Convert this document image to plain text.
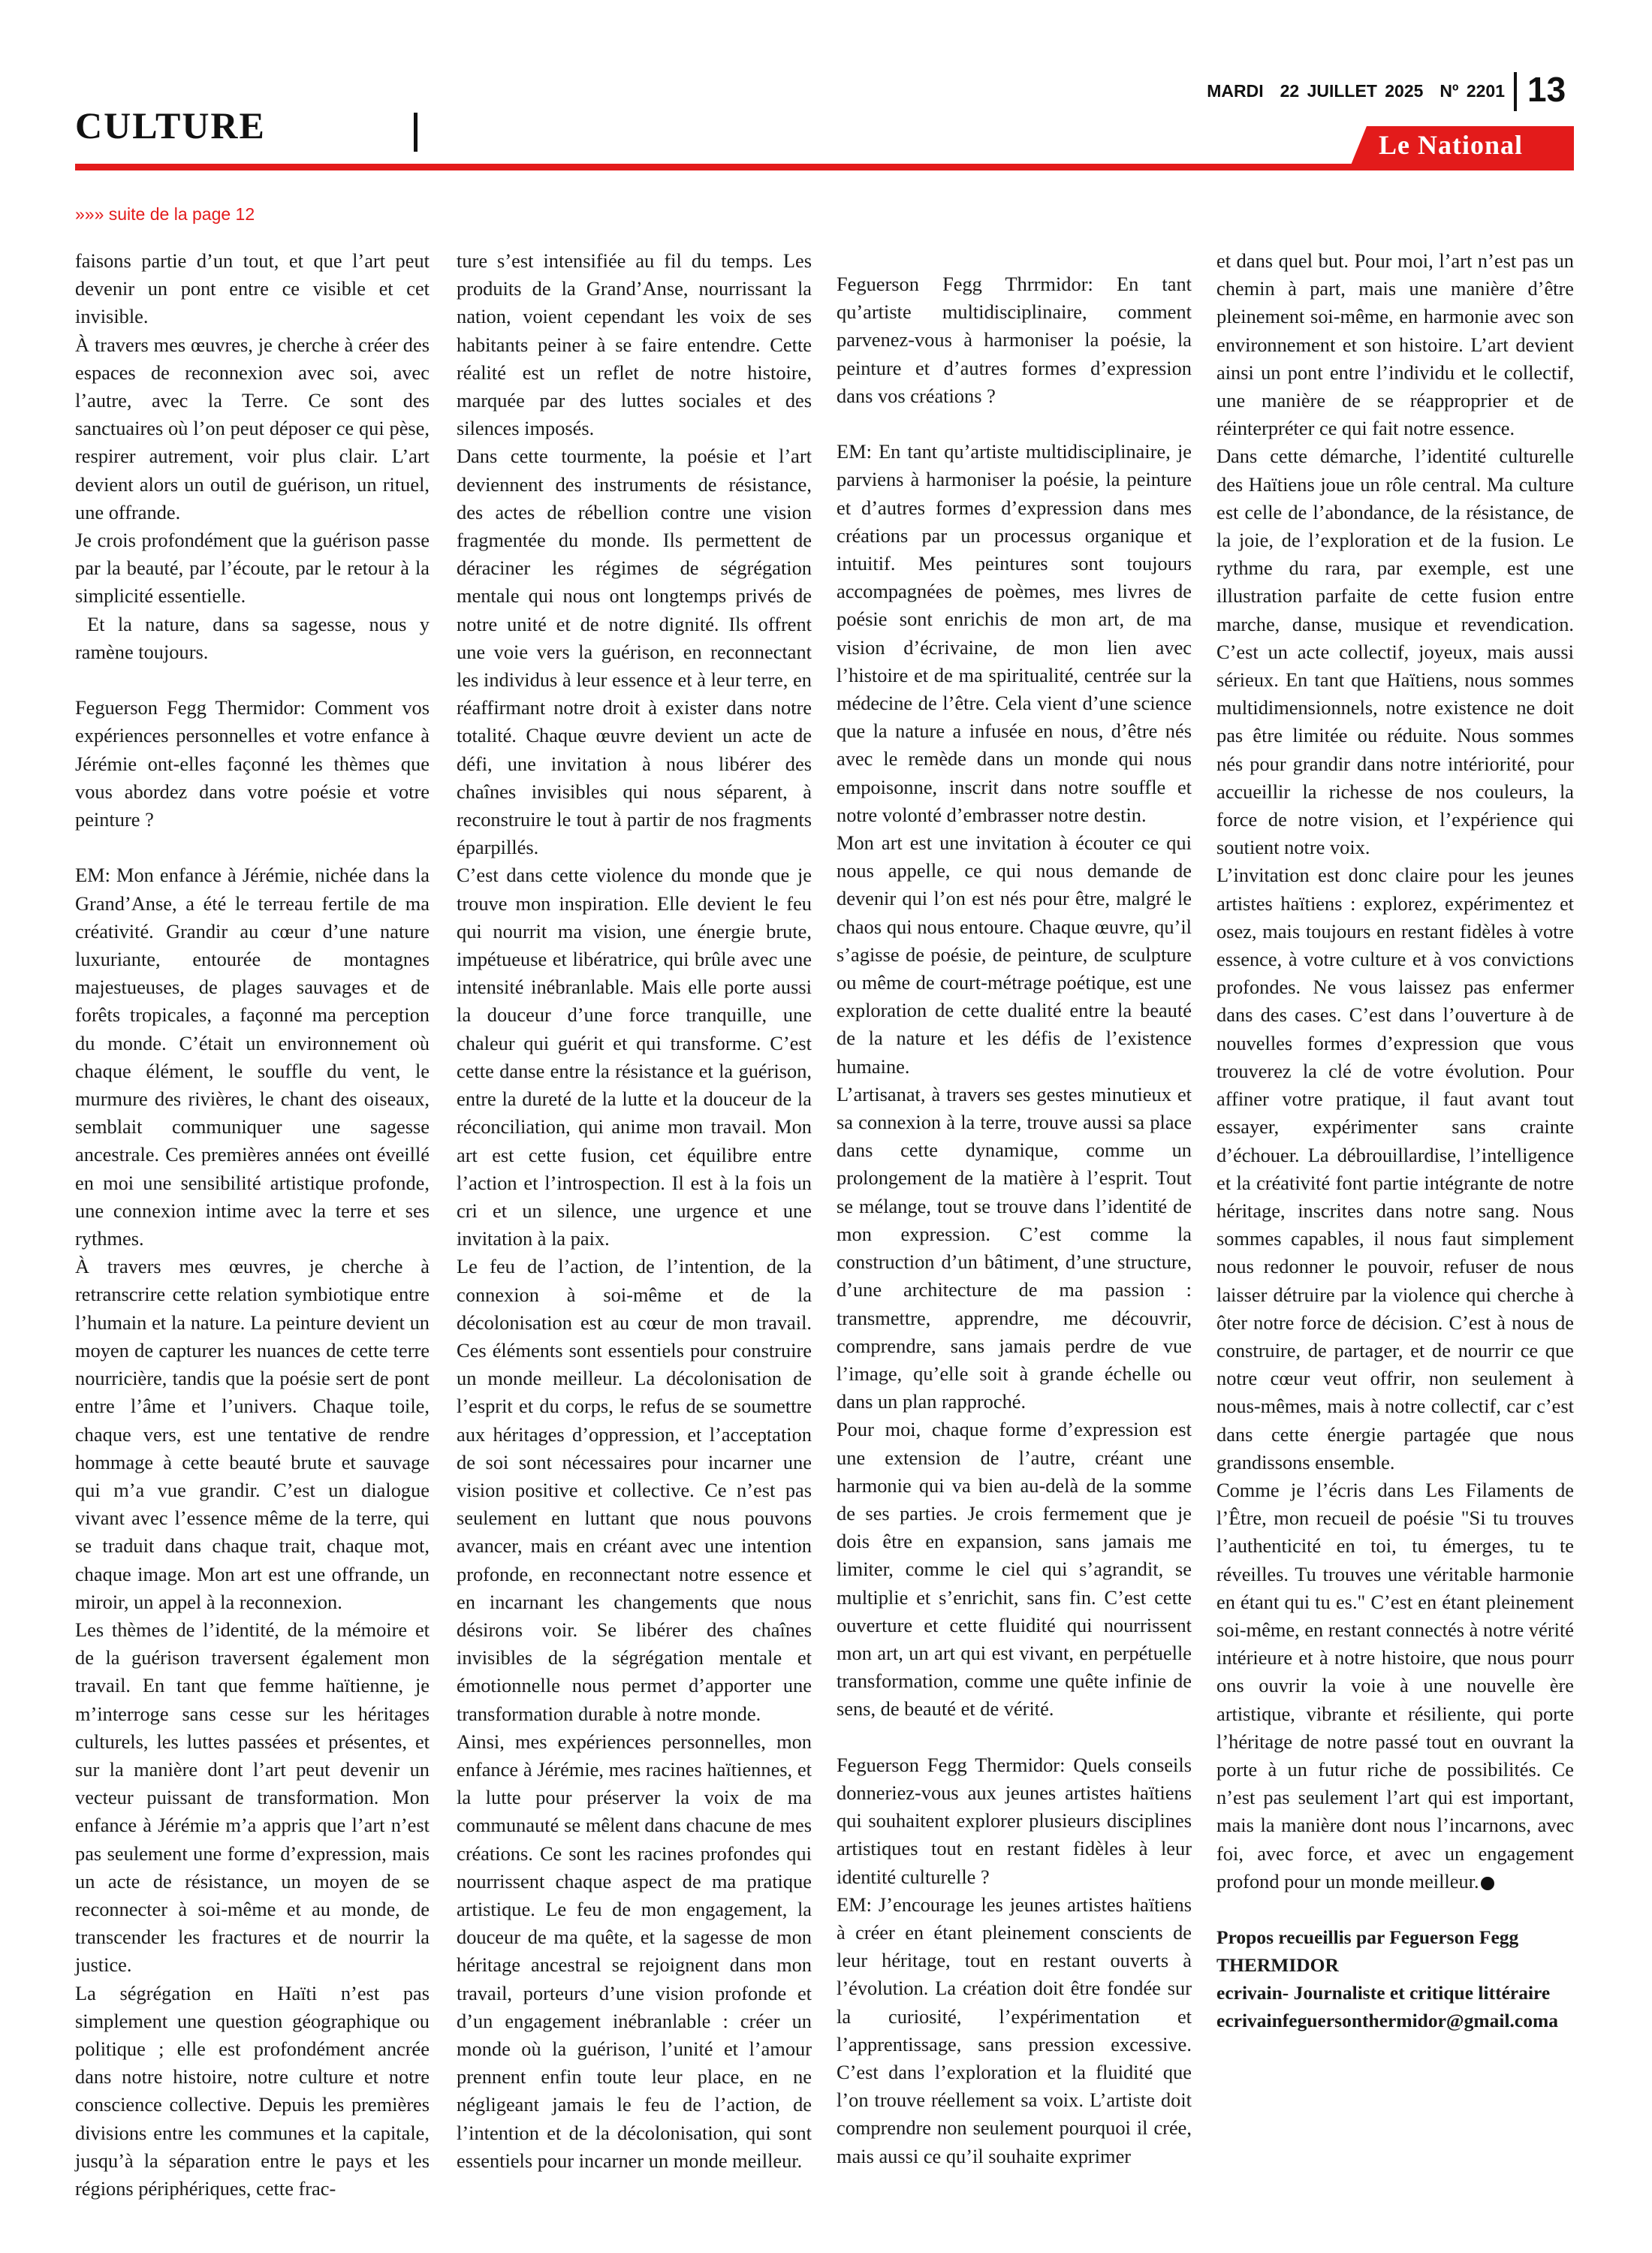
CULTURE
MARDI 22 JUILLET 2025 Nº 2201 13
Le National
»»» suite de la page 12

faisons partie d’un tout, et que l’art peut devenir un pont entre ce visible et cet invisible.

À travers mes œuvres, je cherche à créer des espaces de reconnexion avec soi, avec l’autre, avec la Terre. Ce sont des sanctuaires où l’on peut déposer ce qui pèse, respirer autrement, voir plus clair. L’art devient alors un outil de guérison, un rituel, une offrande.

Je crois profondément que la guérison passe par la beauté, par l’écoute, par le retour à la simplicité essentielle.

Et la nature, dans sa sagesse, nous y ramène toujours.

Feguerson Fegg Thermidor: Comment vos expériences personnelles et votre enfance à Jérémie ont-elles façonné les thèmes que vous abordez dans votre poésie et votre peinture ?

EM: Mon enfance à Jérémie, nichée dans la Grand’Anse, a été le terreau fertile de ma créativité. Grandir au cœur d’une nature luxuriante, entourée de montagnes majestueuses, de plages sauvages et de forêts tropicales, a façonné ma perception du monde. C’était un environnement où chaque élément, le souffle du vent, le murmure des rivières, le chant des oiseaux, semblait communiquer une sagesse ancestrale. Ces premières années ont éveillé en moi une sensibilité artistique profonde, une connexion intime avec la terre et ses rythmes.

À travers mes œuvres, je cherche à retranscrire cette relation symbiotique entre l’humain et la nature. La peinture devient un moyen de capturer les nuances de cette terre nourricière, tandis que la poésie sert de pont entre l’âme et l’univers. Chaque toile, chaque vers, est une tentative de rendre hommage à cette beauté brute et sauvage qui m’a vue grandir. C’est un dialogue vivant avec l’essence même de la terre, qui se traduit dans chaque trait, chaque mot, chaque image. Mon art est une offrande, un miroir, un appel à la reconnexion.

Les thèmes de l’identité, de la mémoire et de la guérison traversent également mon travail. En tant que femme haïtienne, je m’interroge sans cesse sur les héritages culturels, les luttes passées et présentes, et sur la manière dont l’art peut devenir un vecteur puissant de transformation. Mon enfance à Jérémie m’a appris que l’art n’est pas seulement une forme d’expression, mais un acte de résistance, un moyen de se reconnecter à soi-même et au monde, de transcender les fractures et de nourrir la justice.

La ségrégation en Haïti n’est pas simplement une question géographique ou politique ; elle est profondément ancrée dans notre histoire, notre culture et notre conscience collective. Depuis les premières divisions entre les communes et la capitale, jusqu’à la séparation entre le pays et les régions périphériques, cette frac-

ture s’est intensifiée au fil du temps. Les produits de la Grand’Anse, nourrissant la nation, voient cependant les voix de ses habitants peiner à se faire entendre. Cette réalité est un reflet de notre histoire, marquée par des luttes sociales et des silences imposés.

Dans cette tourmente, la poésie et l’art deviennent des instruments de résistance, des actes de rébellion contre une vision fragmentée du monde. Ils permettent de déraciner les régimes de ségrégation mentale qui nous ont longtemps privés de notre unité et de notre dignité. Ils offrent une voie vers la guérison, en reconnectant les individus à leur essence et à leur terre, en réaffirmant notre droit à exister dans notre totalité. Chaque œuvre devient un acte de défi, une invitation à nous libérer des chaînes invisibles qui nous séparent, à reconstruire le tout à partir de nos fragments éparpillés.

C’est dans cette violence du monde que je trouve mon inspiration. Elle devient le feu qui nourrit ma vision, une énergie brute, impétueuse et libératrice, qui brûle avec une intensité inébranlable. Mais elle porte aussi la douceur d’une force tranquille, une chaleur qui guérit et qui transforme. C’est cette danse entre la résistance et la guérison, entre la dureté de la lutte et la douceur de la réconciliation, qui anime mon travail. Mon art est cette fusion, cet équilibre entre l’action et l’introspection. Il est à la fois un cri et un silence, une urgence et une invitation à la paix.

Le feu de l’action, de l’intention, de la connexion à soi-même et de la décolonisation est au cœur de mon travail. Ces éléments sont essentiels pour construire un monde meilleur. La décolonisation de l’esprit et du corps, le refus de se soumettre aux héritages d’oppression, et l’acceptation de soi sont nécessaires pour incarner une vision positive et collective. Ce n’est pas seulement en luttant que nous pouvons avancer, mais en créant avec une intention profonde, en reconnectant notre essence et en incarnant les changements que nous désirons voir. Se libérer des chaînes invisibles de la ségrégation mentale et émotionnelle nous permet d’apporter une transformation durable à notre monde.

Ainsi, mes expériences personnelles, mon enfance à Jérémie, mes racines haïtiennes, et la lutte pour préserver la voix de ma communauté se mêlent dans chacune de mes créations. Ce sont les racines profondes qui nourrissent chaque aspect de ma pratique artistique. Le feu de mon engagement, la douceur de ma quête, et la sagesse de mon héritage ancestral se rejoignent dans mon travail, porteurs d’une vision profonde et d’un engagement inébranlable : créer un monde où la guérison, l’unité et l’amour prennent enfin toute leur place, en ne négligeant jamais le feu de l’action, de l’intention et de la décolonisation, qui sont essentiels pour incarner un monde meilleur.

Feguerson Fegg Thrrmidor: En tant qu’artiste multidisciplinaire, comment parvenez-vous à harmoniser la poésie, la peinture et d’autres formes d’expression dans vos créations ?

EM: En tant qu’artiste multidisciplinaire, je parviens à harmoniser la poésie, la peinture et d’autres formes d’expression dans mes créations par un processus organique et intuitif. Mes peintures sont toujours accompagnées de poèmes, mes livres de poésie sont enrichis de mon art, de ma vision d’écrivaine, de mon lien avec l’histoire et de ma spiritualité, centrée sur la médecine de l’être. Cela vient d’une science que la nature a infusée en nous, d’être nés avec le remède dans un monde qui nous empoisonne, inscrit dans notre souffle et notre volonté d’embrasser notre destin.

Mon art est une invitation à écouter ce qui nous appelle, ce qui nous demande de devenir qui l’on est nés pour être, malgré le chaos qui nous entoure. Chaque œuvre, qu’il s’agisse de poésie, de peinture, de sculpture ou même de court-métrage poétique, est une exploration de cette dualité entre la beauté de la nature et les défis de l’existence humaine.

L’artisanat, à travers ses gestes minutieux et sa connexion à la terre, trouve aussi sa place dans cette dynamique, comme un prolongement de la matière à l’esprit. Tout se mélange, tout se trouve dans l’identité de mon expression. C’est comme la construction d’un bâtiment, d’une structure, d’une architecture de ma passion : transmettre, apprendre, me découvrir, comprendre, sans jamais perdre de vue l’image, qu’elle soit à grande échelle ou dans un plan rapproché.

Pour moi, chaque forme d’expression est une extension de l’autre, créant une harmonie qui va bien au-delà de la somme de ses parties. Je crois fermement que je dois être en expansion, sans jamais me limiter, comme le ciel qui s’agrandit, se multiplie et s’enrichit, sans fin. C’est cette ouverture et cette fluidité qui nourrissent mon art, un art qui est vivant, en perpétuelle transformation, comme une quête infinie de sens, de beauté et de vérité.

Feguerson Fegg Thermidor: Quels conseils donneriez-vous aux jeunes artistes haïtiens qui souhaitent explorer plusieurs disciplines artistiques tout en restant fidèles à leur identité culturelle ?

EM: J’encourage les jeunes artistes haïtiens à créer en étant pleinement conscients de leur héritage, tout en restant ouverts à l’évolution. La création doit être fondée sur la curiosité, l’expérimentation et l’apprentissage, sans pression excessive. C’est dans l’exploration et la fluidité que l’on trouve réellement sa voix. L’artiste doit comprendre non seulement pourquoi il crée, mais aussi ce qu’il souhaite exprimer

et dans quel but. Pour moi, l’art n’est pas un chemin à part, mais une manière d’être pleinement soi-même, en harmonie avec son environnement et son histoire. L’art devient ainsi un pont entre l’individu et le collectif, une manière de se réapproprier et de réinterpréter ce qui fait notre essence.

Dans cette démarche, l’identité culturelle des Haïtiens joue un rôle central. Ma culture est celle de l’abondance, de la résistance, de la joie, de l’exploration et de la fusion. Le rythme du rara, par exemple, est une illustration parfaite de cette fusion entre marche, danse, musique et revendication. C’est un acte collectif, joyeux, mais aussi sérieux. En tant que Haïtiens, nous sommes multidimensionnels, notre existence ne doit pas être limitée ou réduite. Nous sommes nés pour grandir dans notre intériorité, pour accueillir la richesse de nos couleurs, la force de notre vision, et l’expérience qui soutient notre voix.

L’invitation est donc claire pour les jeunes artistes haïtiens : explorez, expérimentez et osez, mais toujours en restant fidèles à votre essence, à votre culture et à vos convictions profondes. Ne vous laissez pas enfermer dans des cases. C’est dans l’ouverture à de nouvelles formes d’expression que vous trouverez la clé de votre évolution. Pour affiner votre pratique, il faut avant tout essayer, expérimenter sans crainte d’échouer. La débrouillardise, l’intelligence et la créativité font partie intégrante de notre héritage, inscrites dans notre sang. Nous sommes capables, il nous faut simplement nous redonner le pouvoir, refuser de nous laisser détruire par la violence qui cherche à ôter notre force de décision. C’est à nous de construire, de partager, et de nourrir ce que notre cœur veut offrir, non seulement à nous-mêmes, mais à notre collectif, car c’est dans cette énergie partagée que nous grandissons ensemble.

Comme je l’écris dans Les Filaments de l’Être, mon recueil de poésie "Si tu trouves l’authenticité en toi, tu émerges, tu te réveilles. Tu trouves une véritable harmonie en étant qui tu es." C’est en étant pleinement soi-même, en restant connectés à notre vérité intérieure et à notre histoire, que nous pourr ons ouvrir la voie à une nouvelle ère artistique, vibrante et résiliente, qui porte l’héritage de notre passé tout en ouvrant la porte à un futur riche de possibilités. Ce n’est pas seulement l’art qui est important, mais la manière dont nous l’incarnons, avec foi, avec force, et avec un engagement profond pour un monde meilleur.

Propos recueillis par Feguerson Fegg THERMIDOR
ecrivain- Journaliste et critique littéraire
ecrivainfeguersonthermidor@gmail.coma
